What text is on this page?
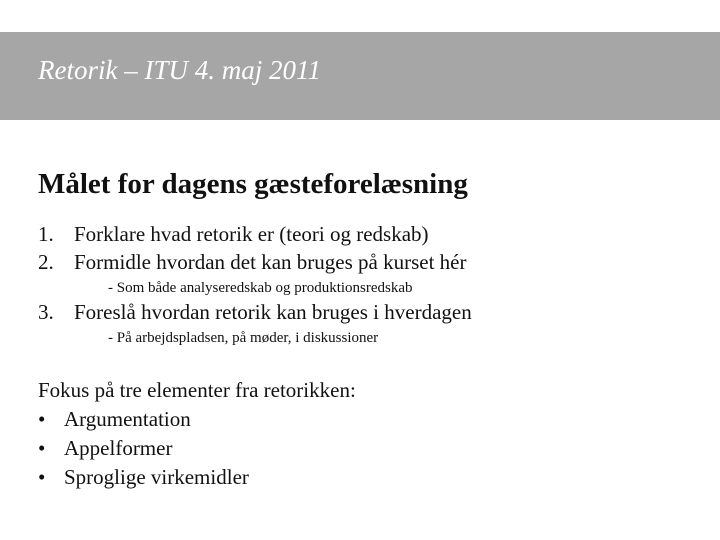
Retorik – ITU 4. maj 2011
Målet for dagens gæsteforelæsning
1. Forklare hvad retorik er (teori og redskab)
2. Formidle hvordan det kan bruges på kurset hér
- Som både analyseredskab og produktionsredskab
3. Foreslå hvordan retorik kan bruges i hverdagen
- På arbejdspladsen, på møder, i diskussioner
Fokus på tre elementer fra retorikken:
• Argumentation
• Appelformer
• Sproglige virkemidler
